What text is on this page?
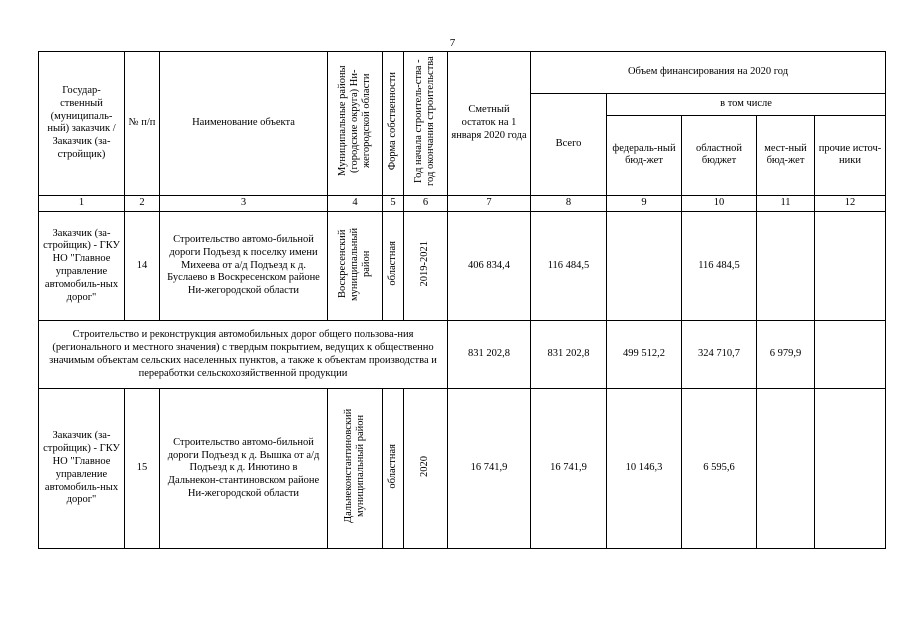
7
Государ-ственный (муниципаль-ный) заказчик /Заказчик (за-стройщик)	№ п/п	Наименование объекта	Муниципальные районы (городские округа) Ни-жегородской области	Форма собственности	Год начала строитель-ства - год окончания строительства	Сметный остаток на 1 января 2020 года	Объем финансирования на 2020 год				
							Всего	в том числе			
								федераль-ный бюд-жет	областной бюджет	мест-ный бюд-жет	прочие источ-ники
1	2	3	4	5	6	7	8	9	10	11	12
Заказчик (за-стройщик) - ГКУ НО "Главное управление автомобиль-ных дорог"	14	Строительство автомо-бильной дороги Подъезд к поселку имени Михеева от а/д Подъезд к д. Буслаево в Воскресенском районе Ни-жегородской области	Воскресенский муниципальный район	областная	2019-2021	406 834,4	116 484,5		116 484,5		
Строительство и реконструкция автомобильных дорог общего пользова-ния (регионального и местного значения) с твердым покрытием, ведущих к общественно значимым объектам сельских населенных пунктов, а также к объектам производства и переработки сельскохозяйственной продукции						831 202,8	831 202,8	499 512,2	324 710,7	6 979,9	
Заказчик (за-стройщик) - ГКУ НО "Главное управление автомобиль-ных дорог"	15	Строительство автомо-бильной дороги Подъезд к д. Вышка от а/д Подъезд к д. Инютино в Дальнекон-стантиновском районе Ни-жегородской области	Дальнеконстантиновский муниципальный район	областная	2020	16 741,9	16 741,9	10 146,3	6 595,6		
